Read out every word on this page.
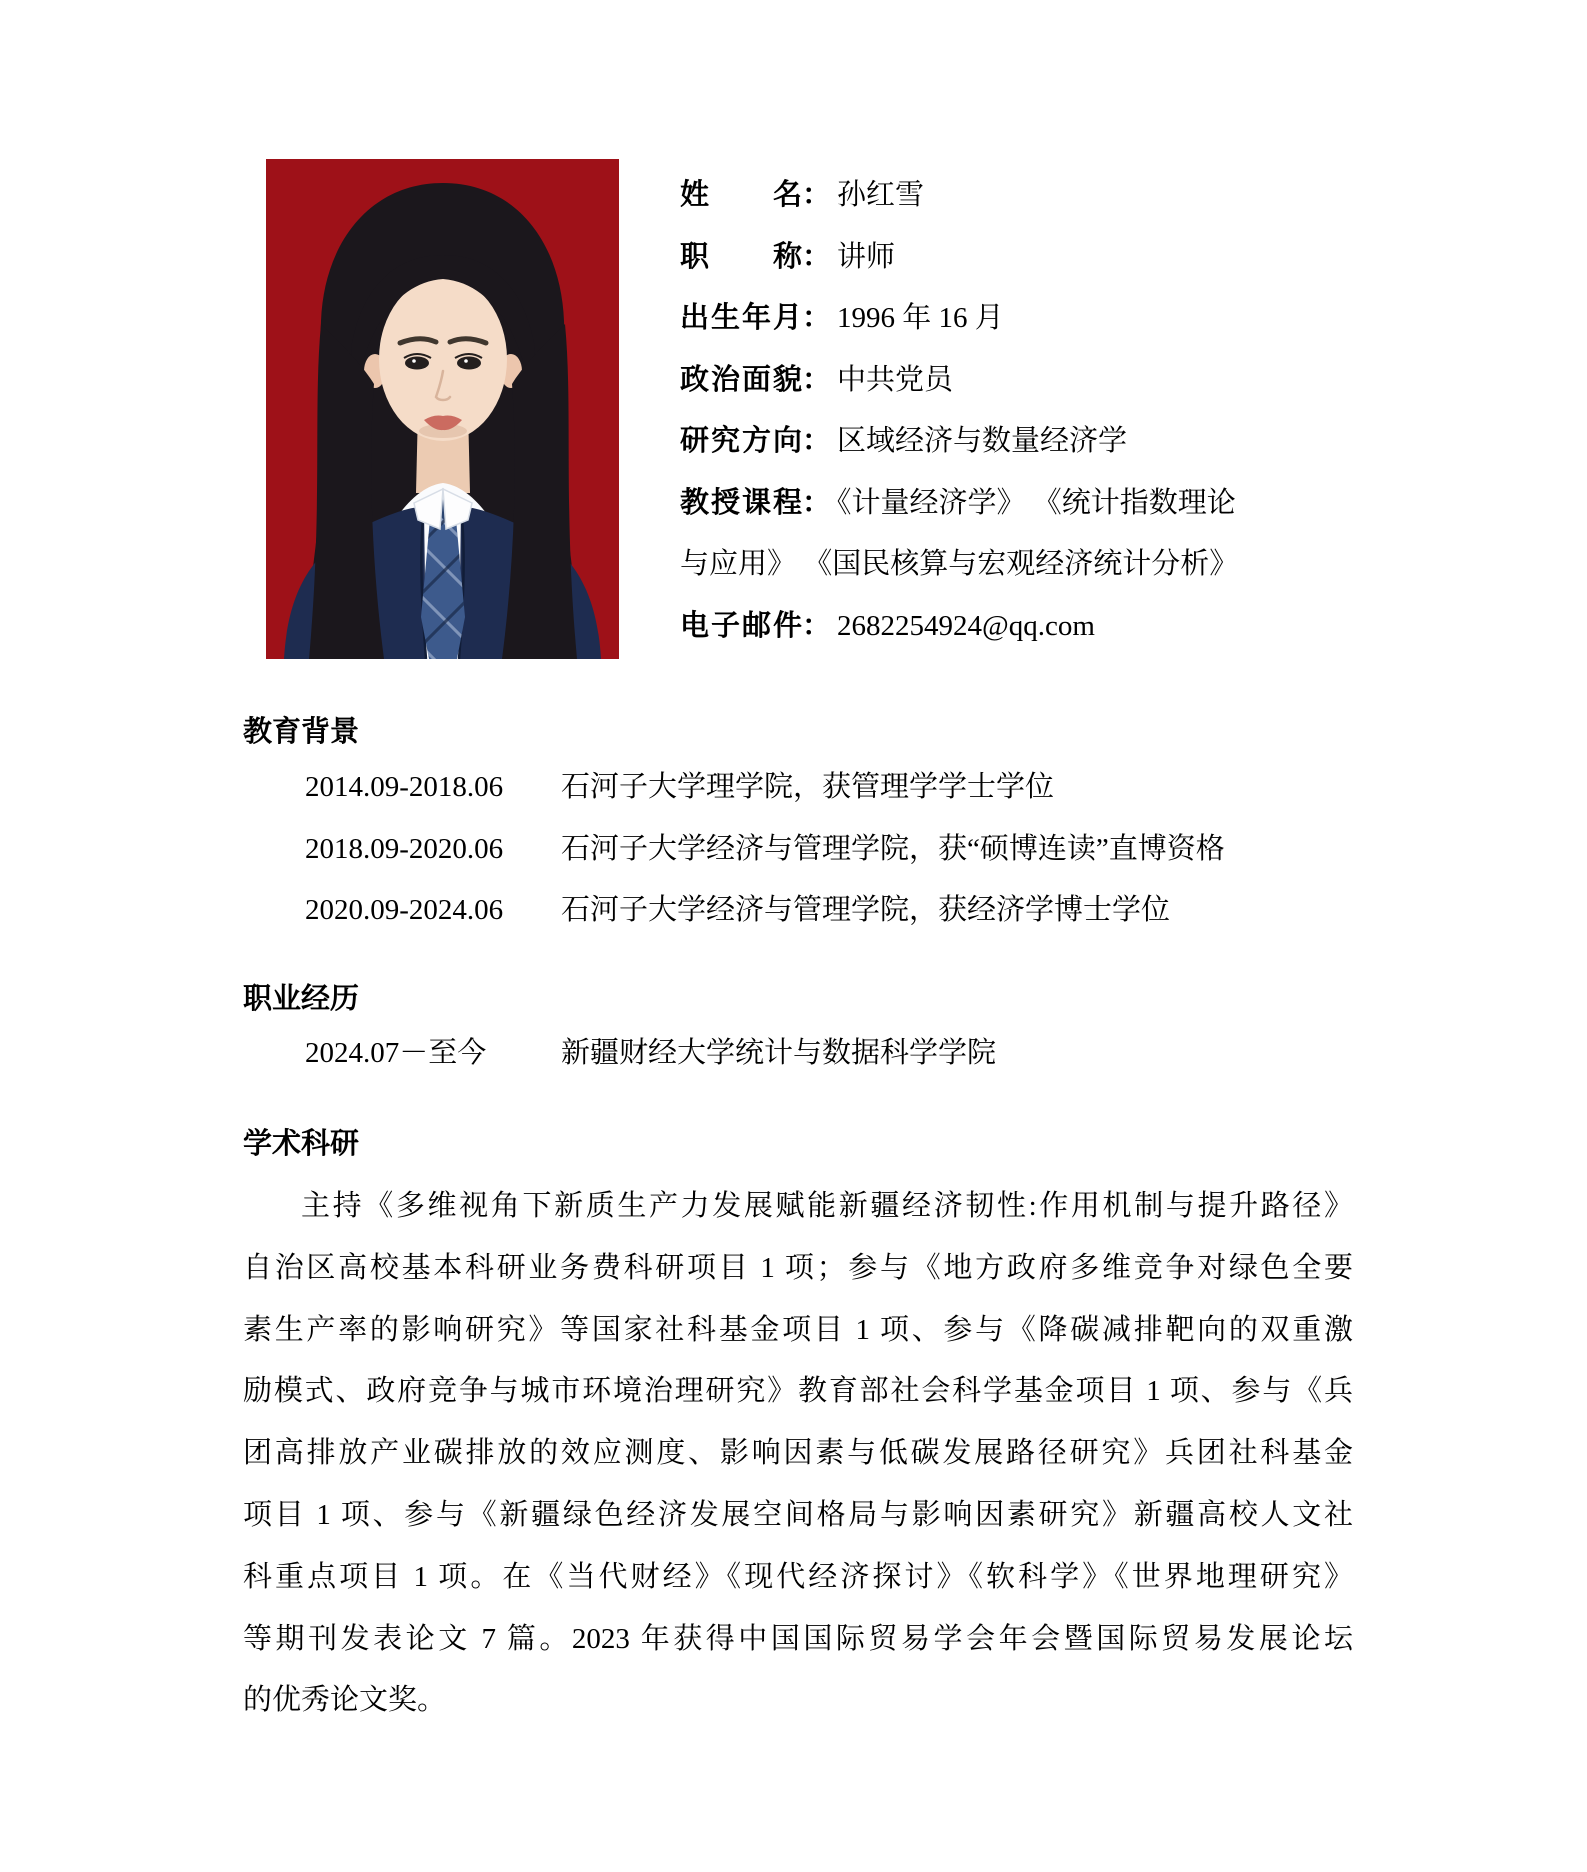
姓名： 孙红雪
职称： 讲师
出生年月： 1996 年 16 月
政治面貌： 中共党员
研究方向： 区域经济与数量经济学
教授课程： 《计量经济学》 《统计指数理论
与应用》 《国民核算与宏观经济统计分析》
电子邮件： 2682254924@qq.com
教育背景
2014.09-2018.06 石河子大学理学院，获管理学学士学位
2018.09-2020.06 石河子大学经济与管理学院，获“硕博连读”直博资格
2020.09-2024.06 石河子大学经济与管理学院，获经济学博士学位
职业经历
2024.07－至今	新疆财经大学统计与数据科学学院
学术科研
主持《多维视角下新质生产力发展赋能新疆经济韧性:作用机制与提升路径》
自治区高校基本科研业务费科研项目 1 项；参与《地方政府多维竞争对绿色全要
素生产率的影响研究》等国家社科基金项目 1 项、参与《降碳减排靶向的双重激
励模式、政府竞争与城市环境治理研究》教育部社会科学基金项目 1 项、参与《兵
团高排放产业碳排放的效应测度、影响因素与低碳发展路径研究》兵团社科基金
项目 1 项、参与《新疆绿色经济发展空间格局与影响因素研究》新疆高校人文社
科重点项目 1 项。在《当代财经》《现代经济探讨》《软科学》《世界地理研究》
等期刊发表论文 7 篇。2023 年获得中国国际贸易学会年会暨国际贸易发展论坛
的优秀论文奖。
